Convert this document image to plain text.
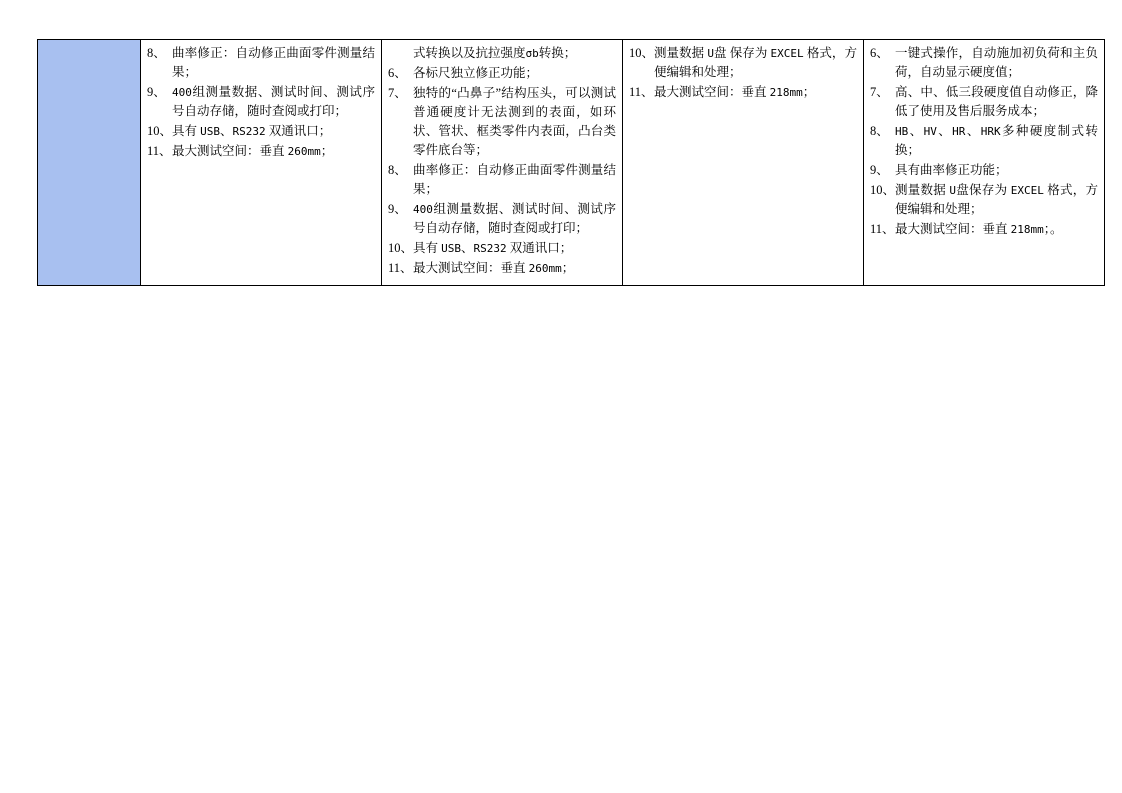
8、 曲率修正：自动修正曲面零件测量结果；
9、 400组测量数据、测试时间、测试序号自动存储，随时查阅或打印；
10、 具有 USB、RS232 双通讯口；
11、 最大测试空间：垂直 260mm；

式转换以及抗拉强度σb转换；
6、 各标尺独立修正功能；
7、 独特的“凸鼻子”结构压头，可以测试普通硬度计无法测到的表面，如环状、管状、框类零件内表面，凸台类零件底台等；
8、 曲率修正：自动修正曲面零件测量结果；
9、 400组测量数据、测试时间、测试序号自动存储，随时查阅或打印；
10、 具有 USB、RS232 双通讯口；
11、 最大测试空间：垂直 260mm；

10、 测量数据 U盘 保存为 EXCEL 格式，方便编辑和处理；
11、 最大测试空间：垂直 218mm；

6、 一键式操作，自动施加初负荷和主负荷，自动显示硬度值；
7、 高、中、低三段硬度值自动修正，降低了使用及售后服务成本；
8、 HB、HV、HR、HRK多种硬度制式转换；
9、 具有曲率修正功能；
10、 测量数据 U盘保存为 EXCEL 格式，方便编辑和处理；
11、 最大测试空间：垂直 218mm；。
